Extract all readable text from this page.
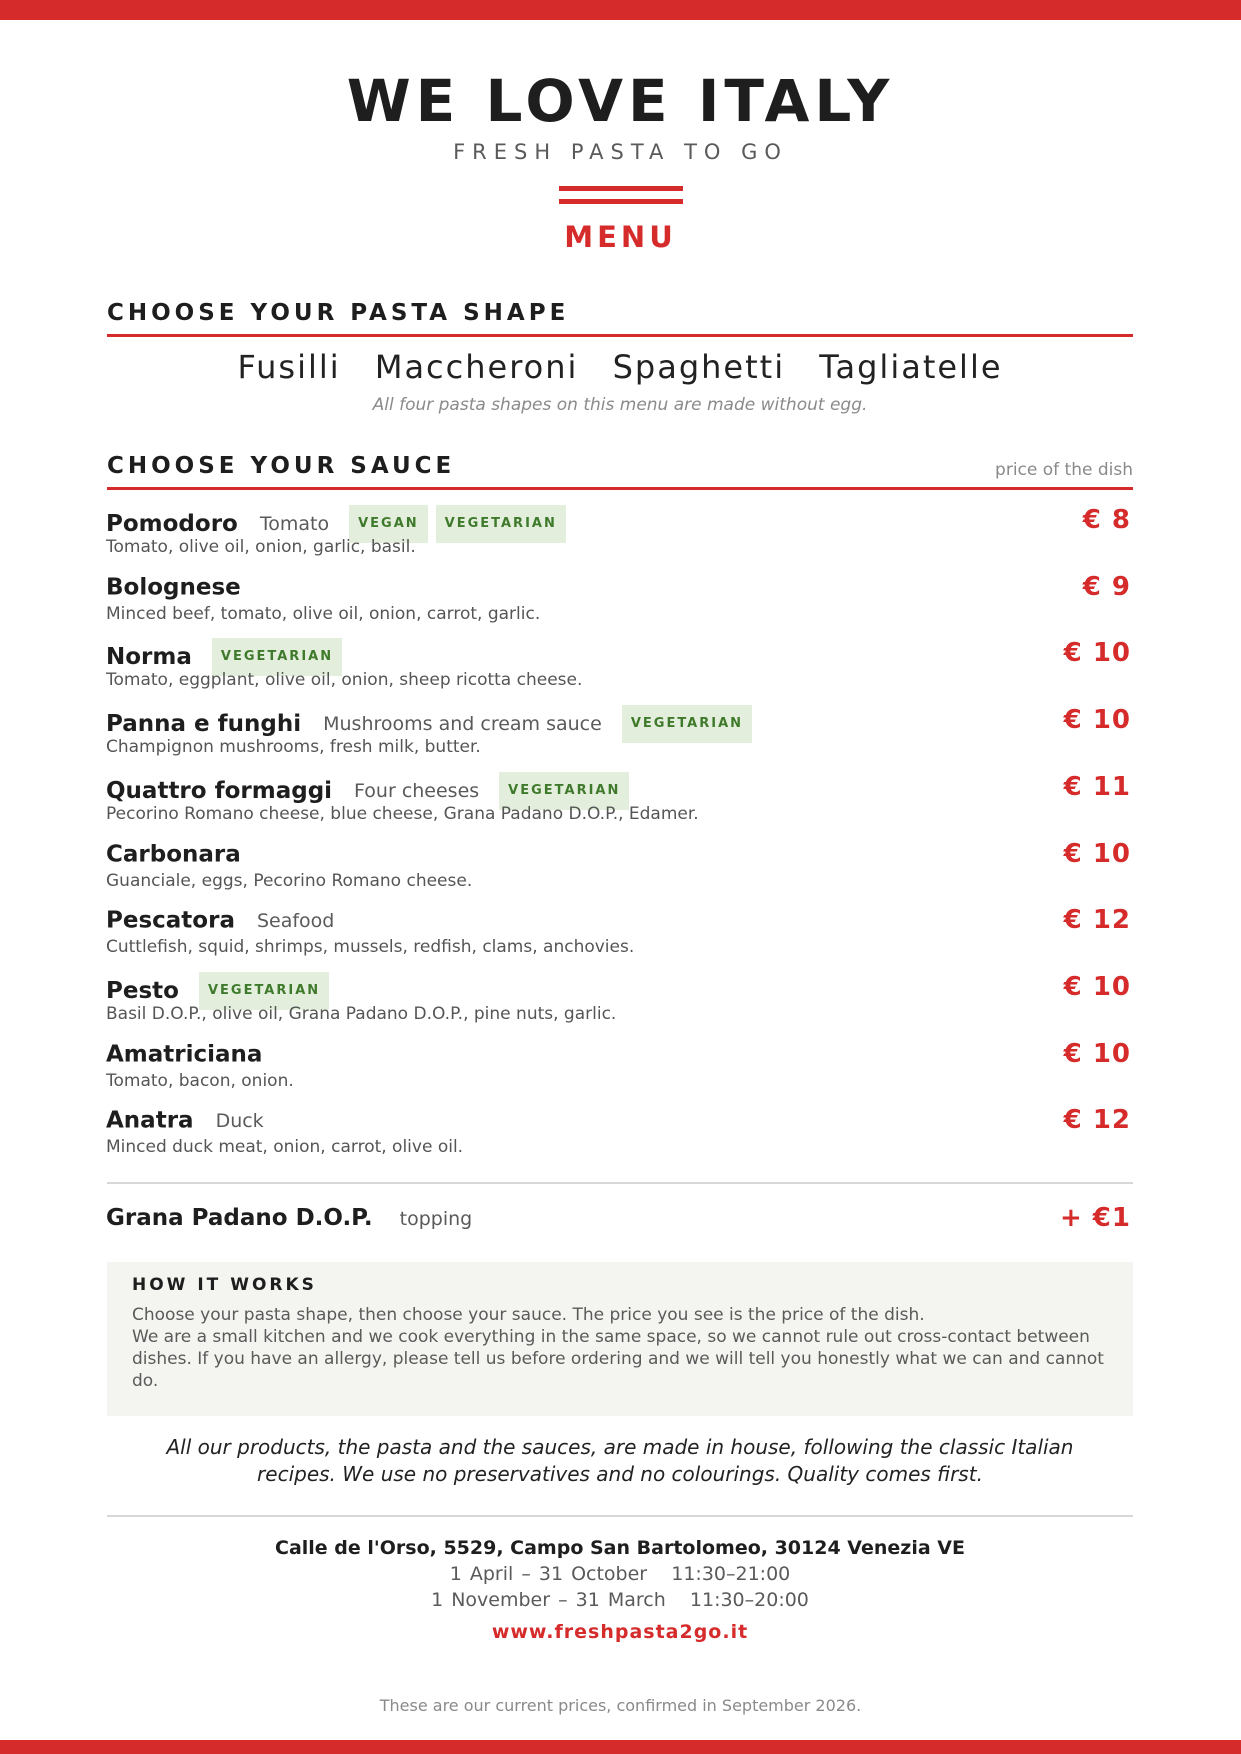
WE LOVE ITALY
FRESH PASTA TO GO
MENU
CHOOSE YOUR PASTA SHAPE
Fusilli Maccheroni Spaghetti Tagliatelle
All four pasta shapes on this menu are made without egg.
CHOOSE YOUR SAUCE	price of the dish
Pomodoro Tomato VEGAN VEGETARIAN	€ 8
Tomato, olive oil, onion, garlic, basil.
Bolognese	€ 9
Minced beef, tomato, olive oil, onion, carrot, garlic.
Norma VEGETARIAN	€ 10
Tomato, eggplant, olive oil, onion, sheep ricotta cheese.
Panna e funghi Mushrooms and cream sauce VEGETARIAN	€ 10
Champignon mushrooms, fresh milk, butter.
Quattro formaggi Four cheeses VEGETARIAN	€ 11
Pecorino Romano cheese, blue cheese, Grana Padano D.O.P., Edamer.
Carbonara	€ 10
Guanciale, eggs, Pecorino Romano cheese.
Pescatora Seafood	€ 12
Cuttlefish, squid, shrimps, mussels, redfish, clams, anchovies.
Pesto VEGETARIAN	€ 10
Basil D.O.P., olive oil, Grana Padano D.O.P., pine nuts, garlic.
Amatriciana	€ 10
Tomato, bacon, onion.
Anatra Duck	€ 12
Minced duck meat, onion, carrot, olive oil.
Grana Padano D.O.P. topping	+ €1
HOW IT WORKS
Choose your pasta shape, then choose your sauce. The price you see is the price of the dish.
We are a small kitchen and we cook everything in the same space, so we cannot rule out cross-contact between dishes. If you have an allergy, please tell us before ordering and we will tell you honestly what we can and cannot do.

All our products, the pasta and the sauces, are made in house, following the classic Italian recipes. We use no preservatives and no colourings. Quality comes first.

Calle de l'Orso, 5529, Campo San Bartolomeo, 30124 Venezia VE
1 April – 31 October 11:30–21:00
1 November – 31 March 11:30–20:00
www.freshpasta2go.it
These are our current prices, confirmed in September 2026.
